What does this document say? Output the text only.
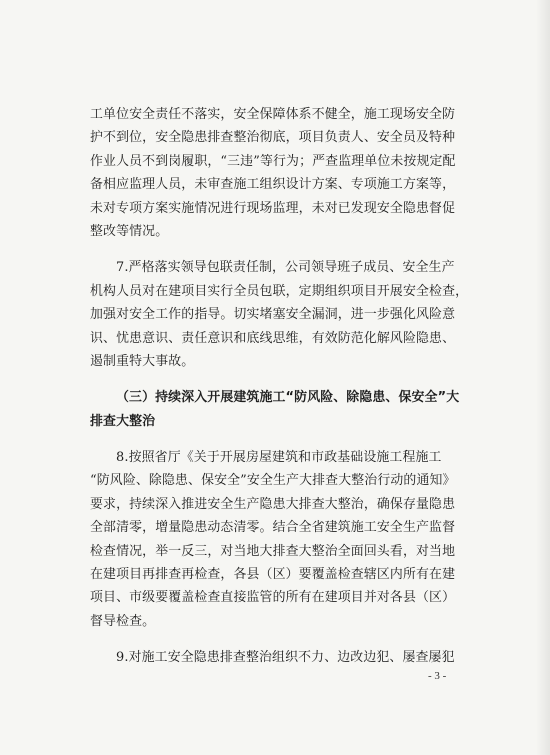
工单位安全责任不落实，安全保障体系不健全，施工现场安全防
护不到位，安全隐患排查整治彻底，项目负责人、安全员及特种
作业人员不到岗履职，“三违”等行为；严查监理单位未按规定配
备相应监理人员，未审查施工组织设计方案、专项施工方案等，
未对专项方案实施情况进行现场监理，未对已发现安全隐患督促
整改等情况。
7.严格落实领导包联责任制，公司领导班子成员、安全生产
机构人员对在建项目实行全员包联，定期组织项目开展安全检查，
加强对安全工作的指导。切实堵塞安全漏洞，进一步强化风险意
识、忧患意识、责任意识和底线思维，有效防范化解风险隐患、
遏制重特大事故。
（三）持续深入开展建筑施工“防风险、除隐患、保安全”大
排查大整治
8.按照省厅《关于开展房屋建筑和市政基础设施工程施工
“防风险、除隐患、保安全”安全生产大排查大整治行动的通知》
要求，持续深入推进安全生产隐患大排查大整治，确保存量隐患
全部清零，增量隐患动态清零。结合全省建筑施工安全生产监督
检查情况，举一反三，对当地大排查大整治全面回头看，对当地
在建项目再排查再检查，各县（区）要覆盖检查辖区内所有在建
项目、市级要覆盖检查直接监管的所有在建项目并对各县（区）
督导检查。
9.对施工安全隐患排查整治组织不力、边改边犯、屡查屡犯
- 3 -
